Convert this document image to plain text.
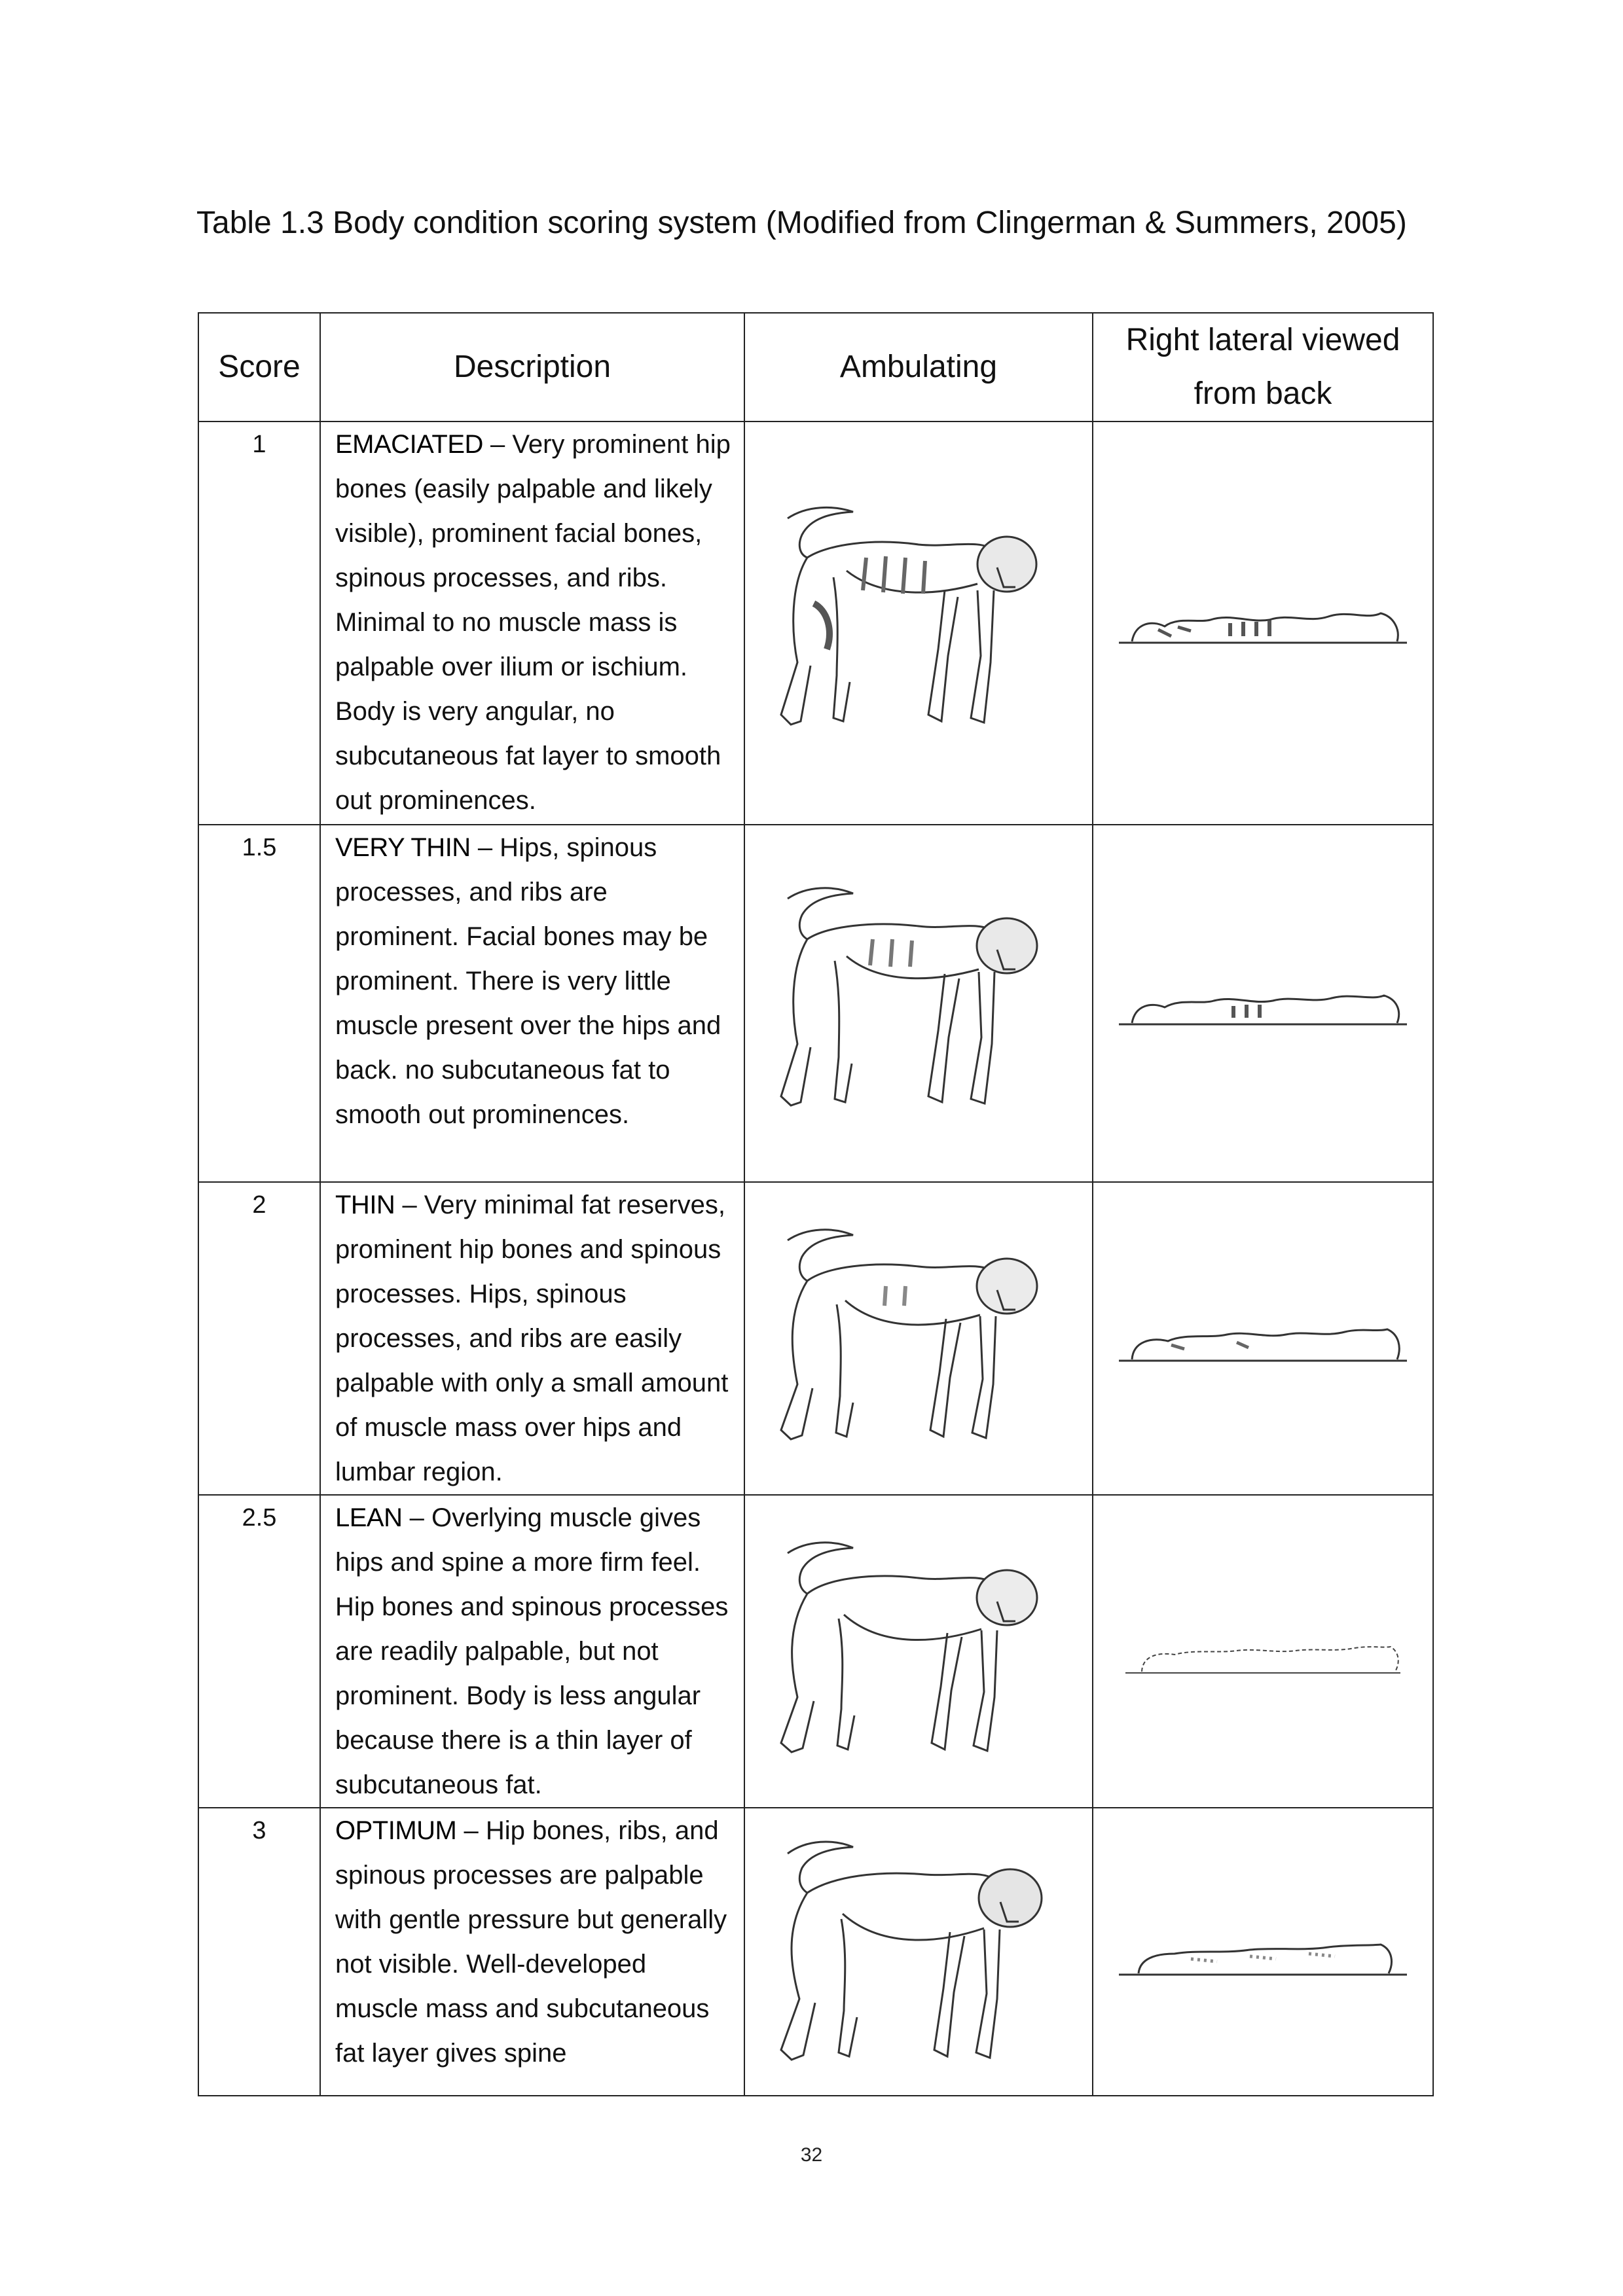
Table 1.3 Body condition scoring system (Modified from Clingerman & Summers, 2005)
Score	Description	Ambulating	Right lateral viewed from back
1	EMACIATED – Very prominent hip bones (easily palpable and likely visible), prominent facial bones, spinous processes, and ribs. Minimal to no muscle mass is palpable over ilium or ischium. Body is very angular, no subcutaneous fat layer to smooth out prominences.	

1.5	VERY THIN – Hips, spinous processes, and ribs are prominent. Facial bones may be prominent. There is very little muscle present over the hips and back. no subcutaneous fat to smooth out prominences.	

2	THIN – Very minimal fat reserves, prominent hip bones and spinous processes. Hips, spinous processes, and ribs are easily palpable with only a small amount of muscle mass over hips and lumbar region.	

2.5	LEAN – Overlying muscle gives hips and spine a more firm feel. Hip bones and spinous processes are readily palpable, but not prominent. Body is less angular because there is a thin layer of subcutaneous fat.	

3	OPTIMUM – Hip bones, ribs, and spinous processes are palpable with gentle pressure but generally not visible. Well-developed muscle mass and subcutaneous fat layer gives spine	

32
